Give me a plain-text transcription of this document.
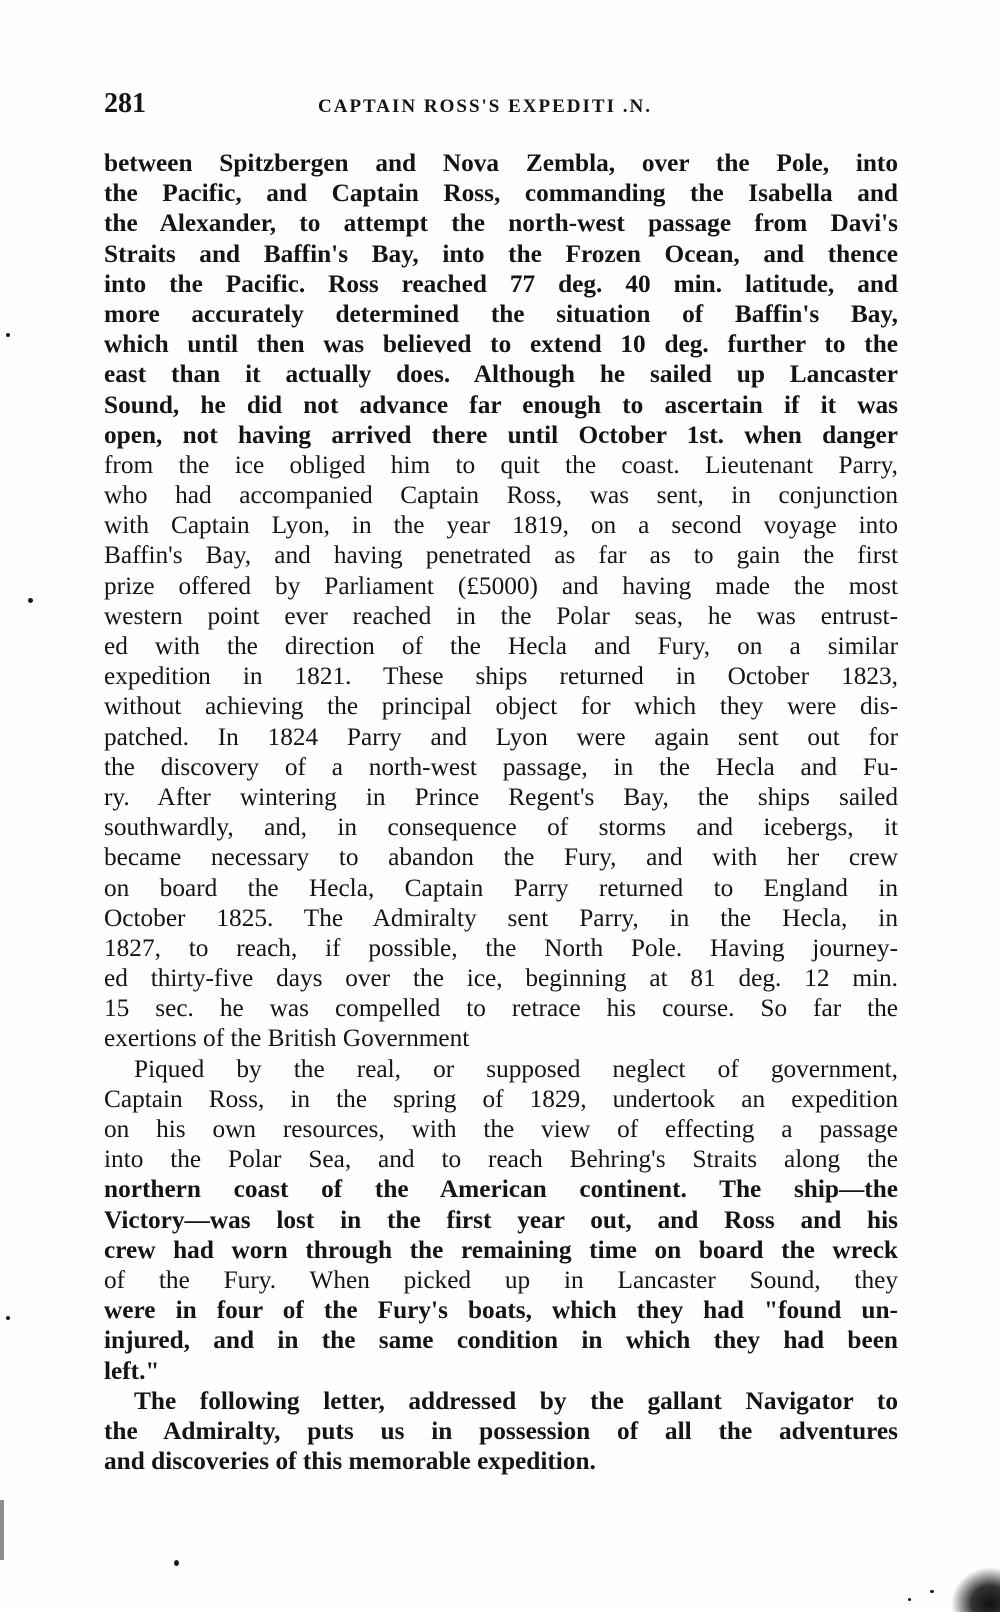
281	CAPTAIN ROSS'S EXPEDITI .N.
between Spitzbergen and Nova Zembla, over the Pole, into
the Pacific, and Captain Ross, commanding the Isabella and
the Alexander, to attempt the north-west passage from Davi's
Straits and Baffin's Bay, into the Frozen Ocean, and thence
into the Pacific. Ross reached 77 deg. 40 min. latitude, and
more accurately determined the situation of Baffin's Bay,
which until then was believed to extend 10 deg. further to the
east than it actually does. Although he sailed up Lancaster
Sound, he did not advance far enough to ascertain if it was
open, not having arrived there until October 1st. when danger
from the ice obliged him to quit the coast. Lieutenant Parry,
who had accompanied Captain Ross, was sent, in conjunction
with Captain Lyon, in the year 1819, on a second voyage into
Baffin's Bay, and having penetrated as far as to gain the first
prize offered by Parliament (£5000) and having made the most
western point ever reached in the Polar seas, he was entrust-
ed with the direction of the Hecla and Fury, on a similar
expedition in 1821. These ships returned in October 1823,
without achieving the principal object for which they were dis-
patched. In 1824 Parry and Lyon were again sent out for
the discovery of a north-west passage, in the Hecla and Fu-
ry. After wintering in Prince Regent's Bay, the ships sailed
southwardly, and, in consequence of storms and icebergs, it
became necessary to abandon the Fury, and with her crew
on board the Hecla, Captain Parry returned to England in
October 1825. The Admiralty sent Parry, in the Hecla, in
1827, to reach, if possible, the North Pole. Having journey-
ed thirty-five days over the ice, beginning at 81 deg. 12 min.
15 sec. he was compelled to retrace his course. So far the
exertions of the British Government
Piqued by the real, or supposed neglect of government,
Captain Ross, in the spring of 1829, undertook an expedition
on his own resources, with the view of effecting a passage
into the Polar Sea, and to reach Behring's Straits along the
northern coast of the American continent. The ship—the
Victory—was lost in the first year out, and Ross and his
crew had worn through the remaining time on board the wreck
of the Fury. When picked up in Lancaster Sound, they
were in four of the Fury's boats, which they had "found un-
injured, and in the same condition in which they had been
left."
The following letter, addressed by the gallant Navigator to
the Admiralty, puts us in possession of all the adventures
and discoveries of this memorable expedition.
